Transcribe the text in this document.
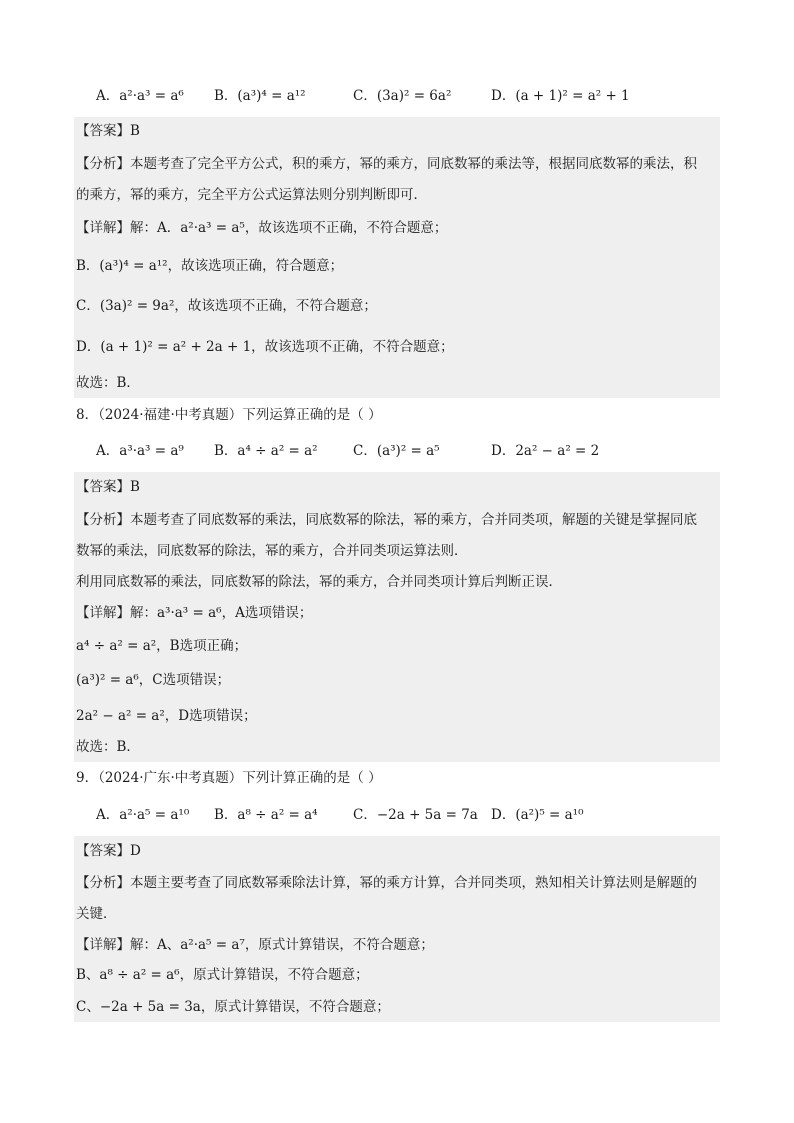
A．a²·a³ = a⁶ B．(a³)⁴ = a¹²	C．(3a)² = 6a²	D．(a + 1)² = a² + 1
【答案】B
【分析】本题考查了完全平方公式，积的乘方，幂的乘方，同底数幂的乘法等，根据同底数幂的乘法，积
的乘方，幂的乘方，完全平方公式运算法则分别判断即可．
【详解】解：A．a²·a³ = a⁵，故该选项不正确，不符合题意；
B．(a³)⁴ = a¹²，故该选项正确，符合题意；
C．(3a)² = 9a²，故该选项不正确，不符合题意；
D．(a + 1)² = a² + 2a + 1，故该选项不正确，不符合题意；
故选：B．
8．（2024·福建·中考真题）下列运算正确的是（ ）
A．a³·a³ = a⁹ B．a⁴ ÷ a² = a²	C．(a³)² = a⁵	D．2a² − a² = 2
【答案】B
【分析】本题考查了同底数幂的乘法，同底数幂的除法，幂的乘方，合并同类项，解题的关键是掌握同底
数幂的乘法，同底数幂的除法，幂的乘方，合并同类项运算法则．
利用同底数幂的乘法，同底数幂的除法，幂的乘方，合并同类项计算后判断正误．
【详解】解：a³·a³ = a⁶，A选项错误；
a⁴ ÷ a² = a²，B选项正确；
(a³)² = a⁶，C选项错误；
2a² − a² = a²，D选项错误；
故选：B．
9．（2024·广东·中考真题）下列计算正确的是（ ）
A．a²·a⁵ = a¹⁰ B．a⁸ ÷ a² = a⁴	C．−2a + 5a = 7a D．(a²)⁵ = a¹⁰
【答案】D
【分析】本题主要考查了同底数幂乘除法计算，幂的乘方计算，合并同类项，熟知相关计算法则是解题的
关键．
【详解】解：A、a²·a⁵ = a⁷，原式计算错误，不符合题意；
B、a⁸ ÷ a² = a⁶，原式计算错误，不符合题意；
C、−2a + 5a = 3a，原式计算错误，不符合题意；
